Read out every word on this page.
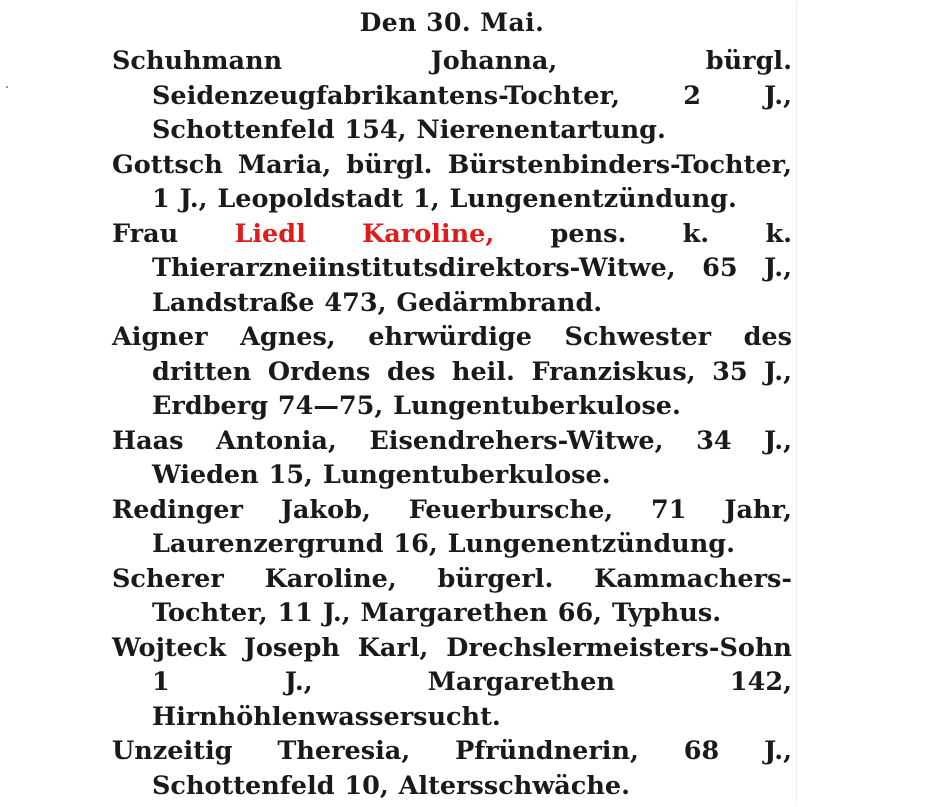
Den 30. Mai.
Schuhmann Johanna, bürgl. Seidenzeugfabrikantens-Tochter, 2 J., Schottenfeld 154, Nierenentartung.
Gottsch Maria, bürgl. Bürstenbinders-Tochter, 1 J., Leopoldstadt 1, Lungenentzündung.
Frau Liedl Karoline, pens. k. k. Thierarzneiinstitutsdirektors-Witwe, 65 J., Landstraße 473, Gedärmbrand.
Aigner Agnes, ehrwürdige Schwester des dritten Ordens des heil. Franziskus, 35 J., Erdberg 74—75, Lungentuberkulose.
Haas Antonia, Eisendrehers-Witwe, 34 J., Wieden 15, Lungentuberkulose.
Redinger Jakob, Feuerbursche, 71 Jahr, Laurenzergrund 16, Lungenentzündung.
Scherer Karoline, bürgerl. Kammachers-Tochter, 11 J., Margarethen 66, Typhus.
Wojteck Joseph Karl, Drechslermeisters-Sohn 1 J., Margarethen 142, Hirnhöhlenwassersucht.
Unzeitig Theresia, Pfründnerin, 68 J., Schottenfeld 10, Altersschwäche.
